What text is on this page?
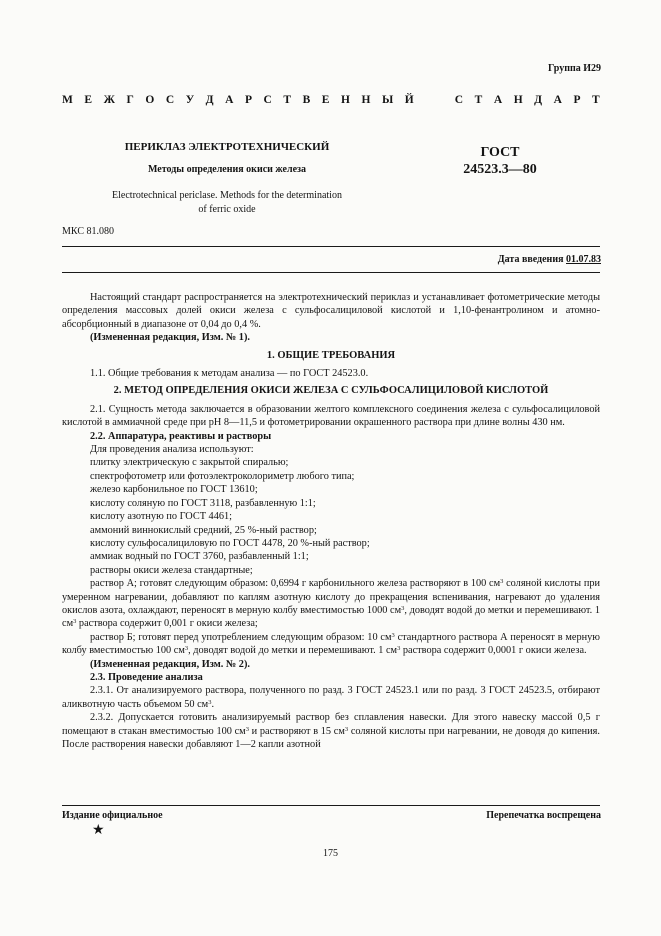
Группа И29
М Е Ж Г О С У Д А Р С Т В Е Н Н Ы Й	С Т А Н Д А Р Т
ПЕРИКЛАЗ ЭЛЕКТРОТЕХНИЧЕСКИЙ
Методы определения окиси железа
Electrotechnical periclase. Methods for the determination
of ferric oxide
ГОСТ
24523.3—80
МКС 81.080
Дата введения 01.07.83

Настоящий стандарт распространяется на электротехнический периклаз и устанавливает фотометрические методы определения массовых долей окиси железа с сульфосалициловой кислотой и 1,10-фенантролином и атомно-абсорбционный в диапазоне от 0,04 до 0,4 %.

(Измененная редакция, Изм. № 1).

1. ОБЩИЕ ТРЕБОВАНИЯ

1.1. Общие требования к методам анализа — по ГОСТ 24523.0.

2. МЕТОД ОПРЕДЕЛЕНИЯ ОКИСИ ЖЕЛЕЗА С СУЛЬФОСАЛИЦИЛОВОЙ КИСЛОТОЙ

2.1. Сущность метода заключается в образовании желтого комплексного соединения железа с сульфосалициловой кислотой в аммиачной среде при pH 8—11,5 и фотометрировании окрашенного раствора при длине волны 430 нм.

2.2. Аппаратура, реактивы и растворы

Для проведения анализа используют:

плитку электрическую с закрытой спиралью;

спектрофотометр или фотоэлектроколориметр любого типа;

железо карбонильное по ГОСТ 13610;

кислоту соляную по ГОСТ 3118, разбавленную 1:1;

кислоту азотную по ГОСТ 4461;

аммоний виннокислый средний, 25 %-ный раствор;

кислоту сульфосалициловую по ГОСТ 4478, 20 %-ный раствор;

аммиак водный по ГОСТ 3760, разбавленный 1:1;

растворы окиси железа стандартные;

раствор А; готовят следующим образом: 0,6994 г карбонильного железа растворяют в 100 $см^3$ соляной кислоты при умеренном нагревании, добавляют по каплям азотную кислоту до прекращения вспенивания, нагревают до удаления окислов азота, охлаждают, переносят в мерную колбу вместимостью 1000 $см^3$, доводят водой до метки и перемешивают. 1 $см^3$ раствора содержит 0,001 г окиси железа;

раствор Б; готовят перед употреблением следующим образом: 10 $см^3$ стандартного раствора А переносят в мерную колбу вместимостью 100 $см^3$, доводят водой до метки и перемешивают. 1 $см^3$ раствора содержит 0,0001 г окиси железа.

(Измененная редакция, Изм. № 2).

2.3. Проведение анализа

2.3.1. От анализируемого раствора, полученного по разд. 3 ГОСТ 24523.1 или по разд. 3 ГОСТ 24523.5, отбирают аликвотную часть объемом 50 $см^3$.

2.3.2. Допускается готовить анализируемый раствор без сплавления навески. Для этого навеску массой 0,5 г помещают в стакан вместимостью 100 $см^3$ и растворяют в 15 $см^3$ соляной кислоты при нагревании, не доводя до кипения. После растворения навески добавляют 1—2 капли азотной

Издание официальное	Перепечатка воспрещена
★
175
